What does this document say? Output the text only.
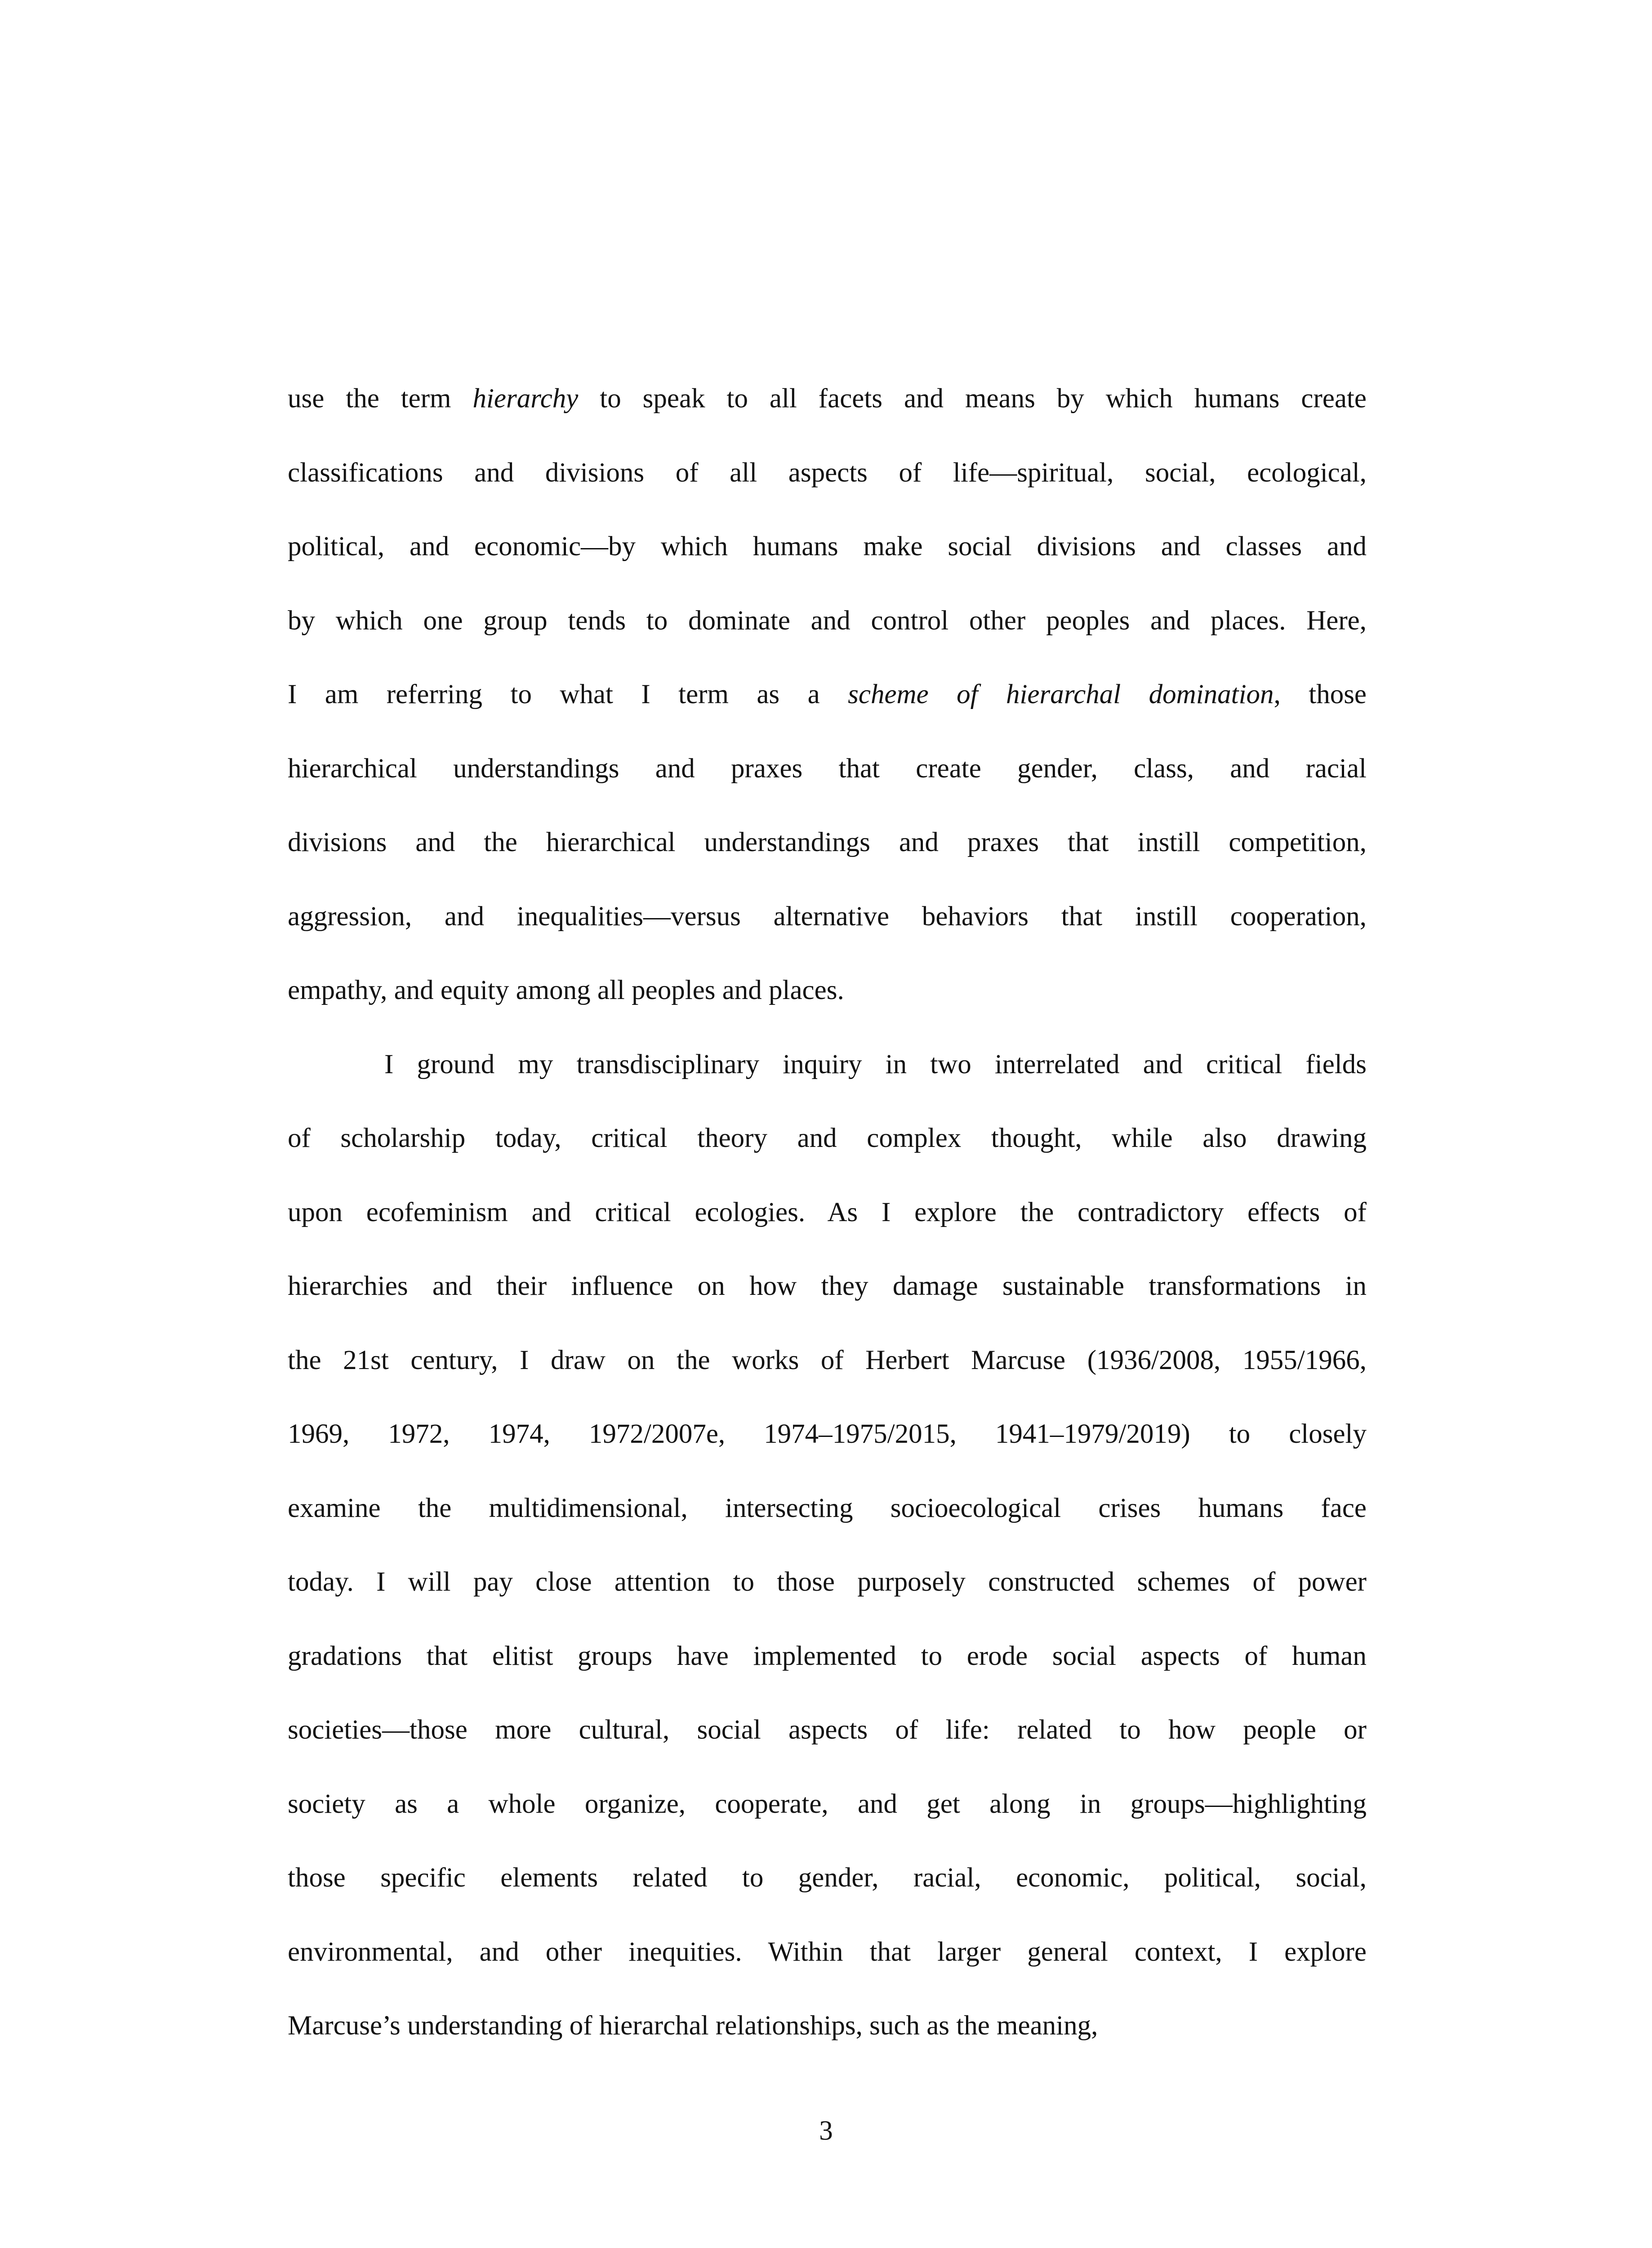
use the term hierarchy to speak to all facets and means by which humans create
classifications and divisions of all aspects of life—spiritual, social, ecological,
political, and economic—by which humans make social divisions and classes and
by which one group tends to dominate and control other peoples and places. Here,
I am referring to what I term as a scheme of hierarchal domination, those
hierarchical understandings and praxes that create gender, class, and racial
divisions and the hierarchical understandings and praxes that instill competition,
aggression, and inequalities—versus alternative behaviors that instill cooperation,
empathy, and equity among all peoples and places.
I ground my transdisciplinary inquiry in two interrelated and critical fields
of scholarship today, critical theory and complex thought, while also drawing
upon ecofeminism and critical ecologies. As I explore the contradictory effects of
hierarchies and their influence on how they damage sustainable transformations in
the 21st century, I draw on the works of Herbert Marcuse (1936/2008, 1955/1966,
1969, 1972, 1974, 1972/2007e, 1974–1975/2015, 1941–1979/2019) to closely
examine the multidimensional, intersecting socioecological crises humans face
today. I will pay close attention to those purposely constructed schemes of power
gradations that elitist groups have implemented to erode social aspects of human
societies—those more cultural, social aspects of life: related to how people or
society as a whole organize, cooperate, and get along in groups—highlighting
those specific elements related to gender, racial, economic, political, social,
environmental, and other inequities. Within that larger general context, I explore
Marcuse’s understanding of hierarchal relationships, such as the meaning,
3
